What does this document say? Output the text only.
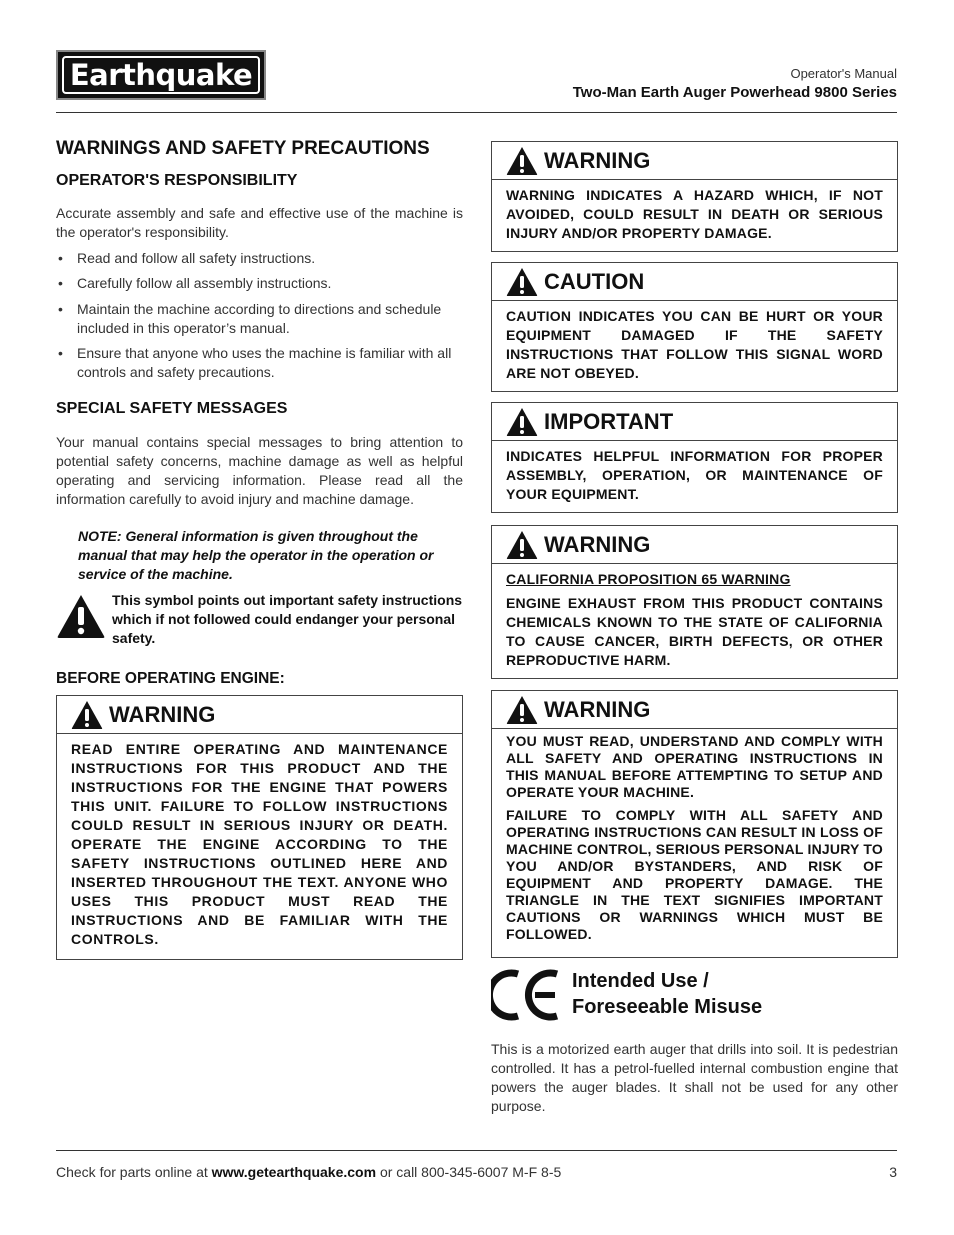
Earthquake	Operator's Manual
Two-Man Earth Auger Powerhead 9800 Series
WARNINGS AND SAFETY PRECAUTIONS
OPERATOR'S RESPONSIBILITY

Accurate assembly and safe and effective use of the machine is the operator's responsibility.

• Read and follow all safety instructions.
• Carefully follow all assembly instructions.
• Maintain the machine according to directions and schedule included in this operator’s manual.
• Ensure that anyone who uses the machine is familiar with all controls and safety precautions.
SPECIAL SAFETY MESSAGES

Your manual contains special messages to bring attention to potential safety concerns, machine damage as well as helpful operating and servicing information. Please read all the information carefully to avoid injury and machine damage.

NOTE: General information is given throughout the manual that may help the operator in the operation or service of the machine.
This symbol points out important safety instructions which if not followed could endanger your personal safety.
BEFORE OPERATING ENGINE:
WARNING
READ ENTIRE OPERATING AND MAINTENANCE INSTRUCTIONS FOR THIS PRODUCT AND THE INSTRUCTIONS FOR THE ENGINE THAT POWERS THIS UNIT. FAILURE TO FOLLOW INSTRUCTIONS COULD RESULT IN SERIOUS INJURY OR DEATH. OPERATE THE ENGINE ACCORDING TO THE SAFETY INSTRUCTIONS OUTLINED HERE AND INSERTED THROUGHOUT THE TEXT. ANYONE WHO USES THIS PRODUCT MUST READ THE INSTRUCTIONS AND BE FAMILIAR WITH THE CONTROLS.
WARNING
WARNING INDICATES A HAZARD WHICH, IF NOT AVOIDED, COULD RESULT IN DEATH OR SERIOUS INJURY AND/OR PROPERTY DAMAGE.
CAUTION
CAUTION INDICATES YOU CAN BE HURT OR YOUR EQUIPMENT DAMAGED IF THE SAFETY INSTRUCTIONS THAT FOLLOW THIS SIGNAL WORD ARE NOT OBEYED.
IMPORTANT
INDICATES HELPFUL INFORMATION FOR PROPER ASSEMBLY, OPERATION, OR MAINTENANCE OF YOUR EQUIPMENT.
WARNING
CALIFORNIA PROPOSITION 65 WARNING
ENGINE EXHAUST FROM THIS PRODUCT CONTAINS CHEMICALS KNOWN TO THE STATE OF CALIFORNIA TO CAUSE CANCER, BIRTH DEFECTS, OR OTHER REPRODUCTIVE HARM.
WARNING
YOU MUST READ, UNDERSTAND AND COMPLY WITH ALL SAFETY AND OPERATING INSTRUCTIONS IN THIS MANUAL BEFORE ATTEMPTING TO SETUP AND OPERATE YOUR MACHINE.
FAILURE TO COMPLY WITH ALL SAFETY AND OPERATING INSTRUCTIONS CAN RESULT IN LOSS OF MACHINE CONTROL, SERIOUS PERSONAL INJURY TO YOU AND/OR BYSTANDERS, AND RISK OF EQUIPMENT AND PROPERTY DAMAGE. THE TRIANGLE IN THE TEXT SIGNIFIES IMPORTANT CAUTIONS OR WARNINGS WHICH MUST BE FOLLOWED.
Intended Use /
Foreseeable Misuse

This is a motorized earth auger that drills into soil. It is pedestrian controlled. It has a petrol-fuelled internal combustion engine that powers the auger blades. It shall not be used for any other purpose.

Check for parts online at www.getearthquake.com or call 800-345-6007 M-F 8-5	3
